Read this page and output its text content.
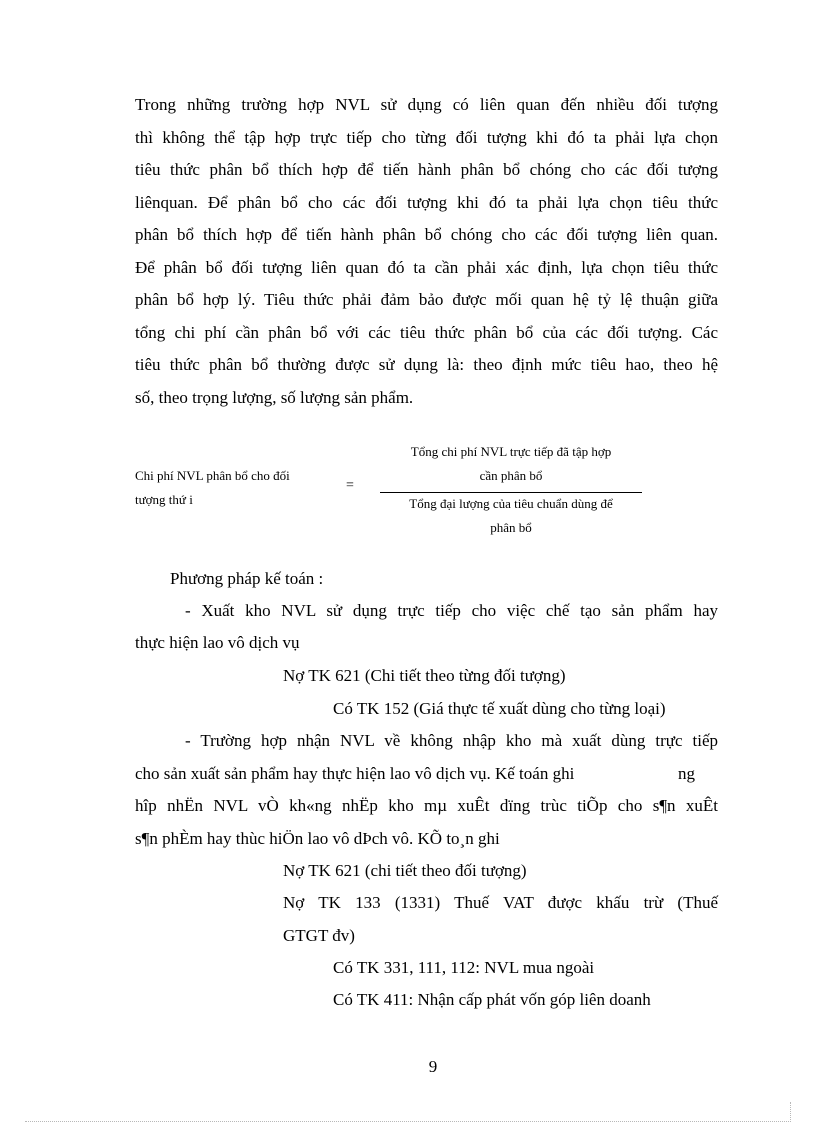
Trong những trường hợp NVL sử dụng có liên quan đến nhiều đối tượng
thì không thể tập hợp trực tiếp cho từng đối tượng khi đó ta phải lựa chọn
tiêu thức phân bổ thích hợp để tiến hành phân bổ chóng cho các đối tượng
liênquan. Để phân bổ cho các đối tượng khi đó ta phải lựa chọn tiêu thức
phân bổ thích hợp để tiến hành phân bổ chóng cho các đối tượng liên quan.
Để phân bổ đối tượng liên quan đó ta cần phải xác định, lựa chọn tiêu thức
phân bổ hợp lý. Tiêu thức phải đảm bảo được mối quan hệ tỷ lệ thuận giữa
tổng chi phí cần phân bổ với các tiêu thức phân bổ của các đối tượng. Các
tiêu thức phân bổ thường được sử dụng là: theo định mức tiêu hao, theo hệ
số, theo trọng lượng, số lượng sản phẩm.
Chi phí NVL phân bổ cho đối
tượng thứ i
=
Tổng chi phí NVL trực tiếp đã tập hợp
cần phân bổ
Tổng đại lượng của tiêu chuẩn dùng để
phân bổ
Phương pháp kế toán :
- Xuất kho NVL sử dụng trực tiếp cho việc chế tạo sản phẩm hay
thực hiện lao vô dịch vụ
Nợ TK 621 (Chi tiết theo từng đối tượng)
Có TK 152 (Giá thực tế xuất dùng cho từng loại)
- Trường hợp nhận NVL về không nhập kho mà xuất dùng trực tiếp
cho sản xuất sản phẩm hay thực hiện lao vô dịch vụ. Kế toán ghi	ng
hîp nhËn NVL vÒ kh«ng nhËp kho mµ xuÊt dïng trùc tiÕp cho s¶n xuÊt
s¶n phÈm hay thùc hiÖn lao vô dÞch vô. KÕ to¸n ghi
Nợ TK 621 (chi tiết theo đối tượng)
Nợ TK 133 (1331) Thuế VAT được khấu trừ (Thuế
GTGT đv)
Có TK 331, 111, 112: NVL mua ngoài
Có TK 411: Nhận cấp phát vốn góp liên doanh
9
